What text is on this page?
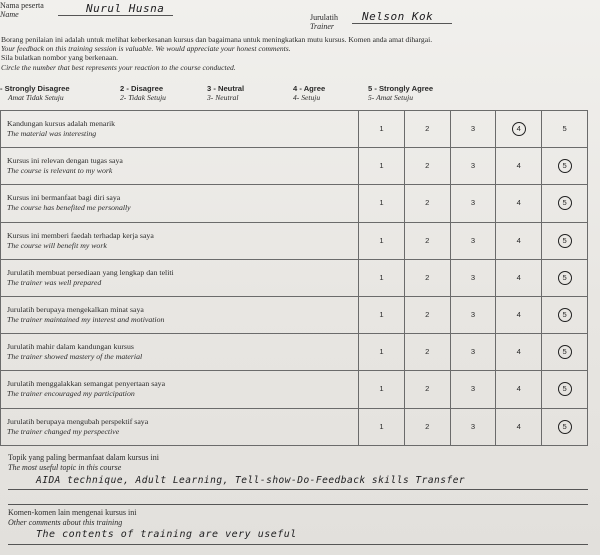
Nama peserta
Name	Nurul Husna
Jurulatih
Trainer
Nelson Kok
Borang penilaian ini adalah untuk melihat keberkesanan kursus dan bagaimana untuk meningkatkan mutu kursus. Komen anda amat dihargai.
Your feedback on this training session is valuable. We would appreciate your honest comments.
Sila bulatkan nombor yang berkenaan.
Circle the number that best represents your reaction to the course conducted.
- Strongly Disagree
Amat Tidak Setuju
2 - Disagree
2- Tidak Setuju
3 - Neutral
3- Neutral
4 - Agree
4- Setuju
5 - Strongly Agree
5- Amat Setuju
Kandungan kursus adalah menarik
The material was interesting	1	2	3	4	5

Kursus ini relevan dengan tugas saya
The course is relevant to my work	1	2	3	4	5

Kursus ini bermanfaat bagi diri saya
The course has benefited me personally	1	2	3	4	5

Kursus ini memberi faedah terhadap kerja saya
The course will benefit my work	1	2	3	4	5

Jurulatih membuat persediaan yang lengkap dan teliti
The trainer was well prepared	1	2	3	4	5

Jurulatih berupaya mengekalkan minat saya
The trainer maintained my interest and motivation	1	2	3	4	5

Jurulatih mahir dalam kandungan kursus
The trainer showed mastery of the material	1	2	3	4	5

Jurulatih menggalakkan semangat penyertaan saya
The trainer encouraged my participation	1	2	3	4	5

Jurulatih berupaya mengubah perspektif saya
The trainer changed my perspective	1	2	3	4	5
Topik yang paling bermanfaat dalam kursus ini
The most useful topic in this course
AIDA technique, Adult Learning, Tell-show-Do-Feedback skills Transfer
Komen-komen lain mengenai kursus ini
Other comments about this training
The contents of training are very useful
